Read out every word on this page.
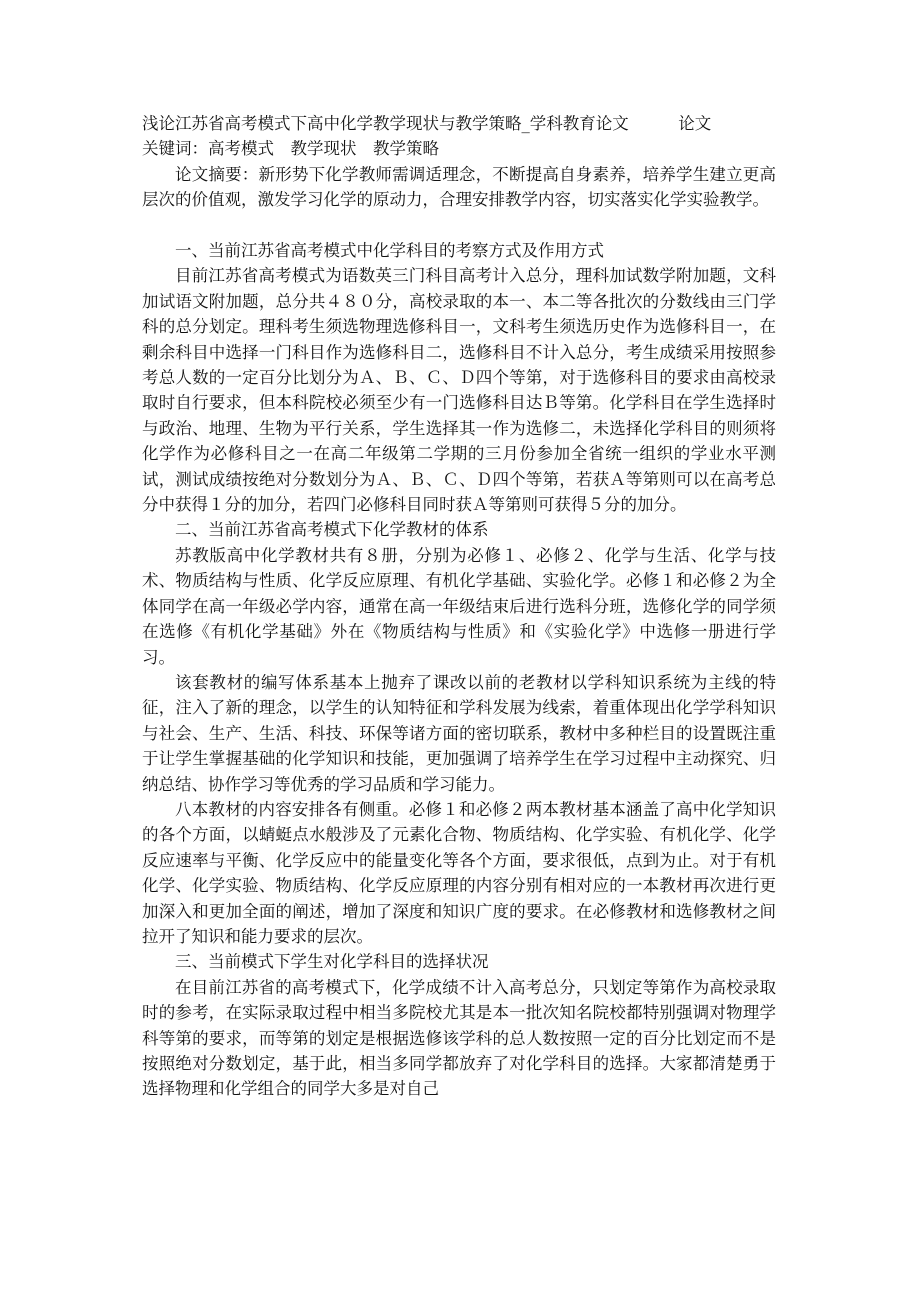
浅论江苏省高考模式下高中化学教学现状与教学策略_学科教育论文　　　论文
关键词：高考模式　教学现状　教学策略

论文摘要：新形势下化学教师需调适理念，不断提高自身素养，培养学生建立更高层次的价值观，激发学习化学的原动力，合理安排教学内容，切实落实化学实验教学。

一、当前江苏省高考模式中化学科目的考察方式及作用方式

目前江苏省高考模式为语数英三门科目高考计入总分，理科加试数学附加题，文科加试语文附加题，总分共４８０分，高校录取的本一、本二等各批次的分数线由三门学科的总分划定。理科考生须选物理选修科目一，文科考生须选历史作为选修科目一，在剩余科目中选择一门科目作为选修科目二，选修科目不计入总分，考生成绩采用按照参考总人数的一定百分比划分为Ａ、Ｂ、Ｃ、Ｄ四个等第，对于选修科目的要求由高校录取时自行要求，但本科院校必须至少有一门选修科目达Ｂ等第。化学科目在学生选择时与政治、地理、生物为平行关系，学生选择其一作为选修二，未选择化学科目的则须将化学作为必修科目之一在高二年级第二学期的三月份参加全省统一组织的学业水平测试，测试成绩按绝对分数划分为Ａ、Ｂ、Ｃ、Ｄ四个等第，若获Ａ等第则可以在高考总分中获得１分的加分，若四门必修科目同时获Ａ等第则可获得５分的加分。

二、当前江苏省高考模式下化学教材的体系

苏教版高中化学教材共有８册，分别为必修１、必修２、化学与生活、化学与技术、物质结构与性质、化学反应原理、有机化学基础、实验化学。必修１和必修２为全体同学在高一年级必学内容，通常在高一年级结束后进行选科分班，选修化学的同学须在选修《有机化学基础》外在《物质结构与性质》和《实验化学》中选修一册进行学习。

该套教材的编写体系基本上抛弃了课改以前的老教材以学科知识系统为主线的特征，注入了新的理念，以学生的认知特征和学科发展为线索，着重体现出化学学科知识与社会、生产、生活、科技、环保等诸方面的密切联系，教材中多种栏目的设置既注重于让学生掌握基础的化学知识和技能，更加强调了培养学生在学习过程中主动探究、归纳总结、协作学习等优秀的学习品质和学习能力。

八本教材的内容安排各有侧重。必修１和必修２两本教材基本涵盖了高中化学知识的各个方面，以蜻蜓点水般涉及了元素化合物、物质结构、化学实验、有机化学、化学反应速率与平衡、化学反应中的能量变化等各个方面，要求很低，点到为止。对于有机化学、化学实验、物质结构、化学反应原理的内容分别有相对应的一本教材再次进行更加深入和更加全面的阐述，增加了深度和知识广度的要求。在必修教材和选修教材之间拉开了知识和能力要求的层次。

三、当前模式下学生对化学科目的选择状况

在目前江苏省的高考模式下，化学成绩不计入高考总分，只划定等第作为高校录取时的参考，在实际录取过程中相当多院校尤其是本一批次知名院校都特别强调对物理学科等第的要求，而等第的划定是根据选修该学科的总人数按照一定的百分比划定而不是按照绝对分数划定，基于此，相当多同学都放弃了对化学科目的选择。大家都清楚勇于选择物理和化学组合的同学大多是对自己
